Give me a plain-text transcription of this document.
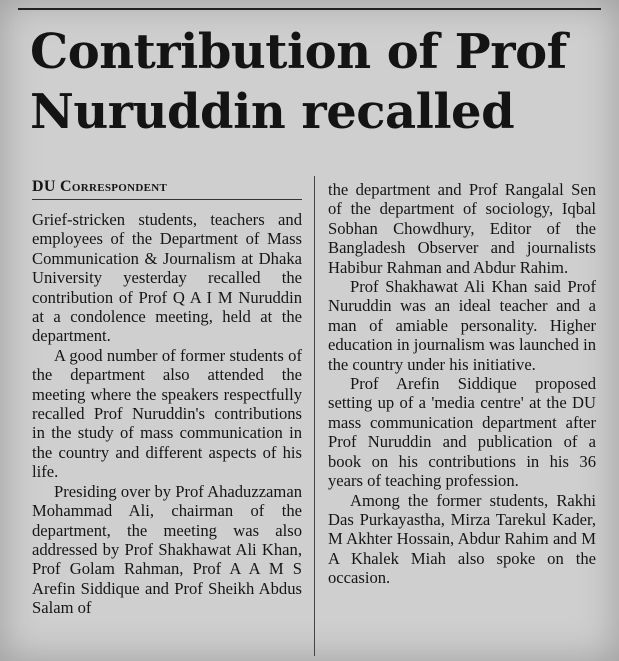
Contribution of Prof Nuruddin recalled
DU Correspondent

Grief-stricken students, teachers and employees of the Department of Mass Communication & Journalism at Dhaka University yesterday recalled the contribution of Prof Q A I M Nuruddin at a condolence meeting, held at the department.

A good number of former students of the department also attended the meeting where the speakers respectfully recalled Prof Nuruddin's contributions in the study of mass communication in the country and different aspects of his life.

Presiding over by Prof Ahaduzzaman Mohammad Ali, chairman of the department, the meeting was also addressed by Prof Shakhawat Ali Khan, Prof Golam Rahman, Prof A A M S Arefin Siddique and Prof Sheikh Abdus Salam of

the department and Prof Rangalal Sen of the department of sociology, Iqbal Sobhan Chowdhury, Editor of the Bangladesh Observer and journalists Habibur Rahman and Abdur Rahim.

Prof Shakhawat Ali Khan said Prof Nuruddin was an ideal teacher and a man of amiable personality. Higher education in journalism was launched in the country under his initiative.

Prof Arefin Siddique proposed setting up of a 'media centre' at the DU mass communication department after Prof Nuruddin and publication of a book on his contributions in his 36 years of teaching profession.

Among the former students, Rakhi Das Purkayastha, Mirza Tarekul Kader, M Akhter Hossain, Abdur Rahim and M A Khalek Miah also spoke on the occasion.
